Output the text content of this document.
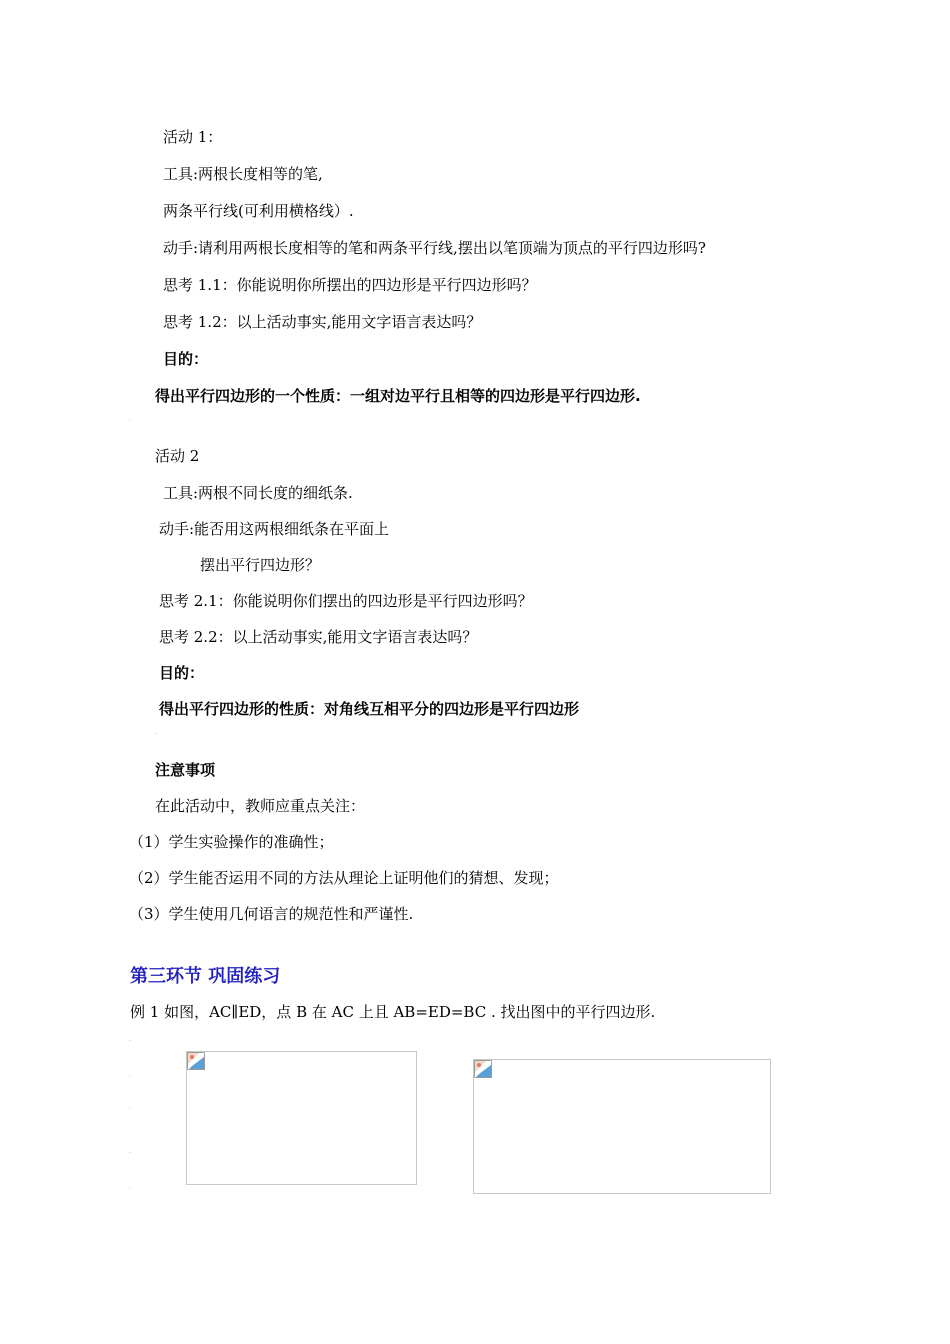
活动 1：
工具:两根长度相等的笔,
两条平行线(可利用横格线）.
动手:请利用两根长度相等的笔和两条平行线,摆出以笔顶端为顶点的平行四边形吗?
思考 1.1：你能说明你所摆出的四边形是平行四边形吗？
思考 1.2：以上活动事实,能用文字语言表达吗？
目的：
得出平行四边形的一个性质：一组对边平行且相等的四边形是平行四边形.
活动 2
工具:两根不同长度的细纸条.
动手:能否用这两根细纸条在平面上
摆出平行四边形？
思考 2.1：你能说明你们摆出的四边形是平行四边形吗？
思考 2.2：以上活动事实,能用文字语言表达吗？
目的：
得出平行四边形的性质：对角线互相平分的四边形是平行四边形
注意事项
在此活动中，教师应重点关注：
（1）学生实验操作的准确性；
（2）学生能否运用不同的方法从理论上证明他们的猜想、发现；
（3）学生使用几何语言的规范性和严谨性.
第三环节 巩固练习
例 1 如图，AC∥ED，点 B 在 AC 上且 AB=ED=BC . 找出图中的平行四边形.
